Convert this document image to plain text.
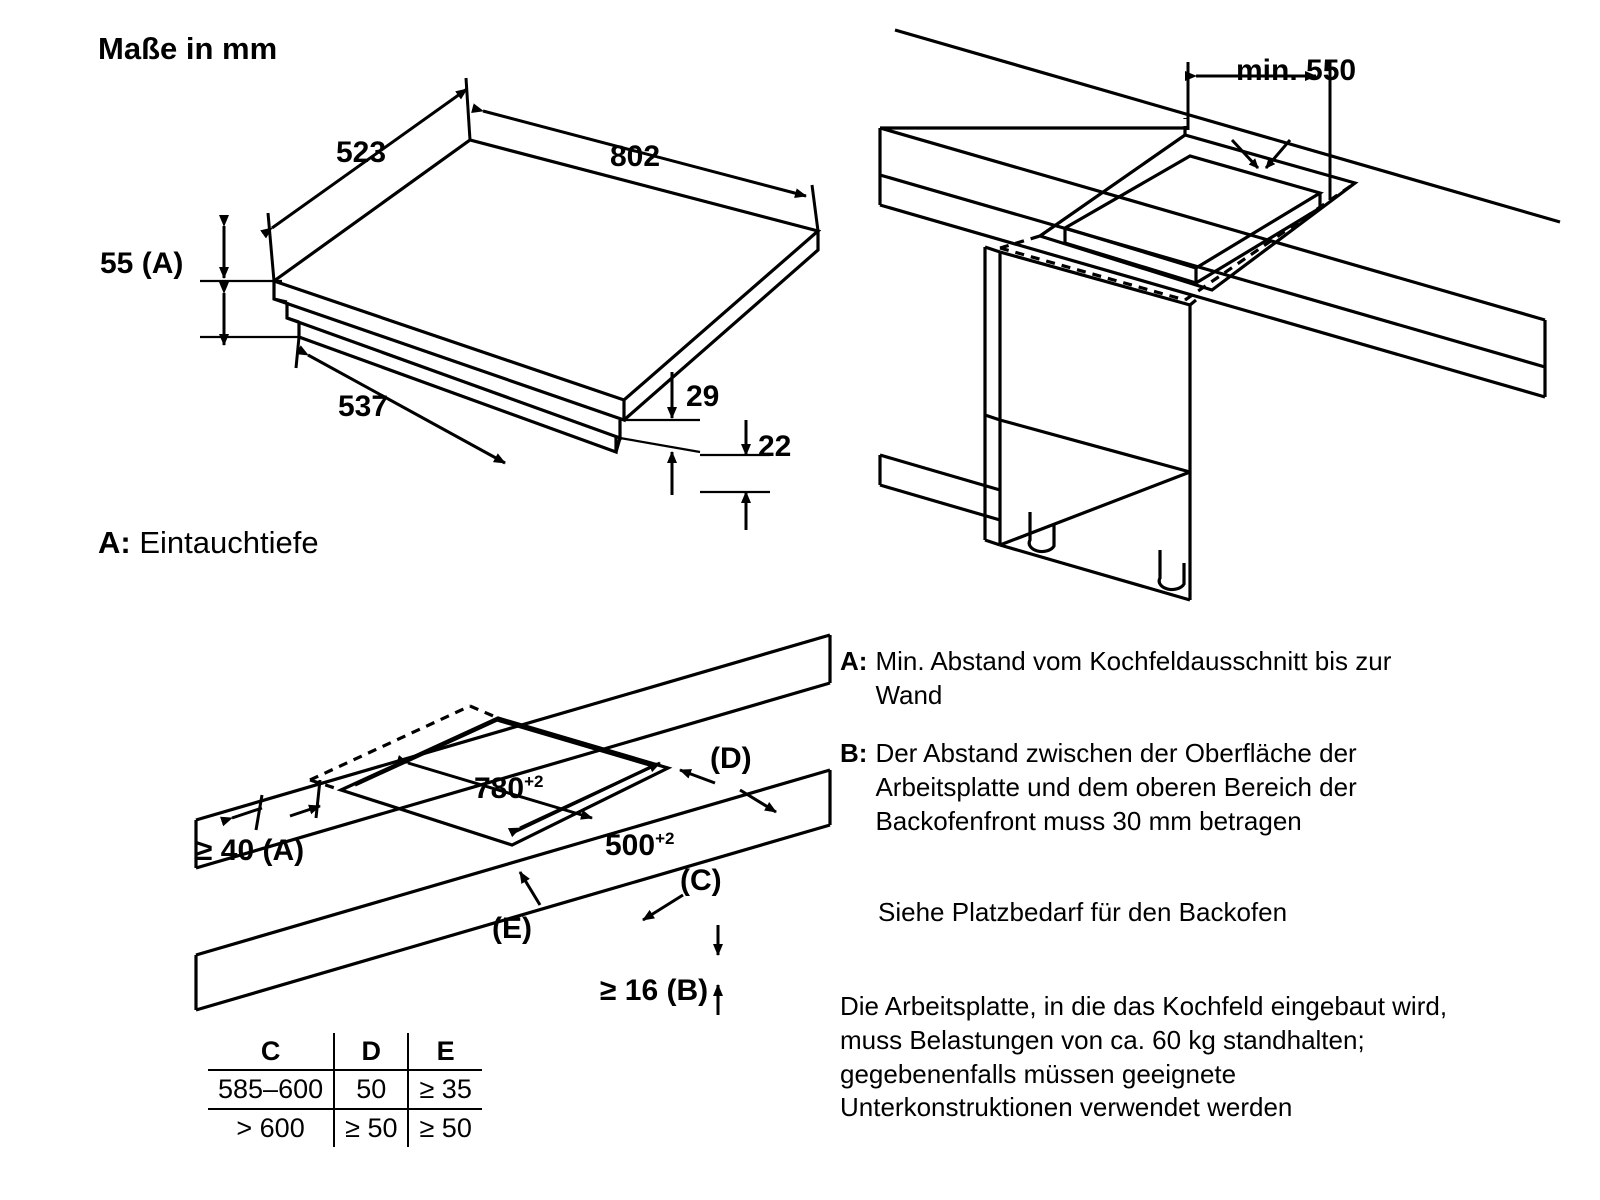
Maße in mm
523	802
55 (A)
537	29
22
A: Eintauchtiefe
min. 550
$780^{+2}$
$500^{+2}$
(D)
(C)
(E)
≥ 40 (A)
≥ 16 (B)
C	D	E
585–600	50	≥ 35
> 600	≥ 50	≥ 50
A: Min. Abstand vom Kochfeldausschnitt bis zur Wand
B: Der Abstand zwischen der Oberfläche der Arbeitsplatte und dem oberen Bereich der Backofenfront muss 30 mm betragen
Siehe Platzbedarf für den Backofen
Die Arbeitsplatte, in die das Kochfeld eingebaut wird, muss Belastungen von ca. 60 kg standhalten; gegebenenfalls müssen geeignete Unterkonstruktionen verwendet werden
